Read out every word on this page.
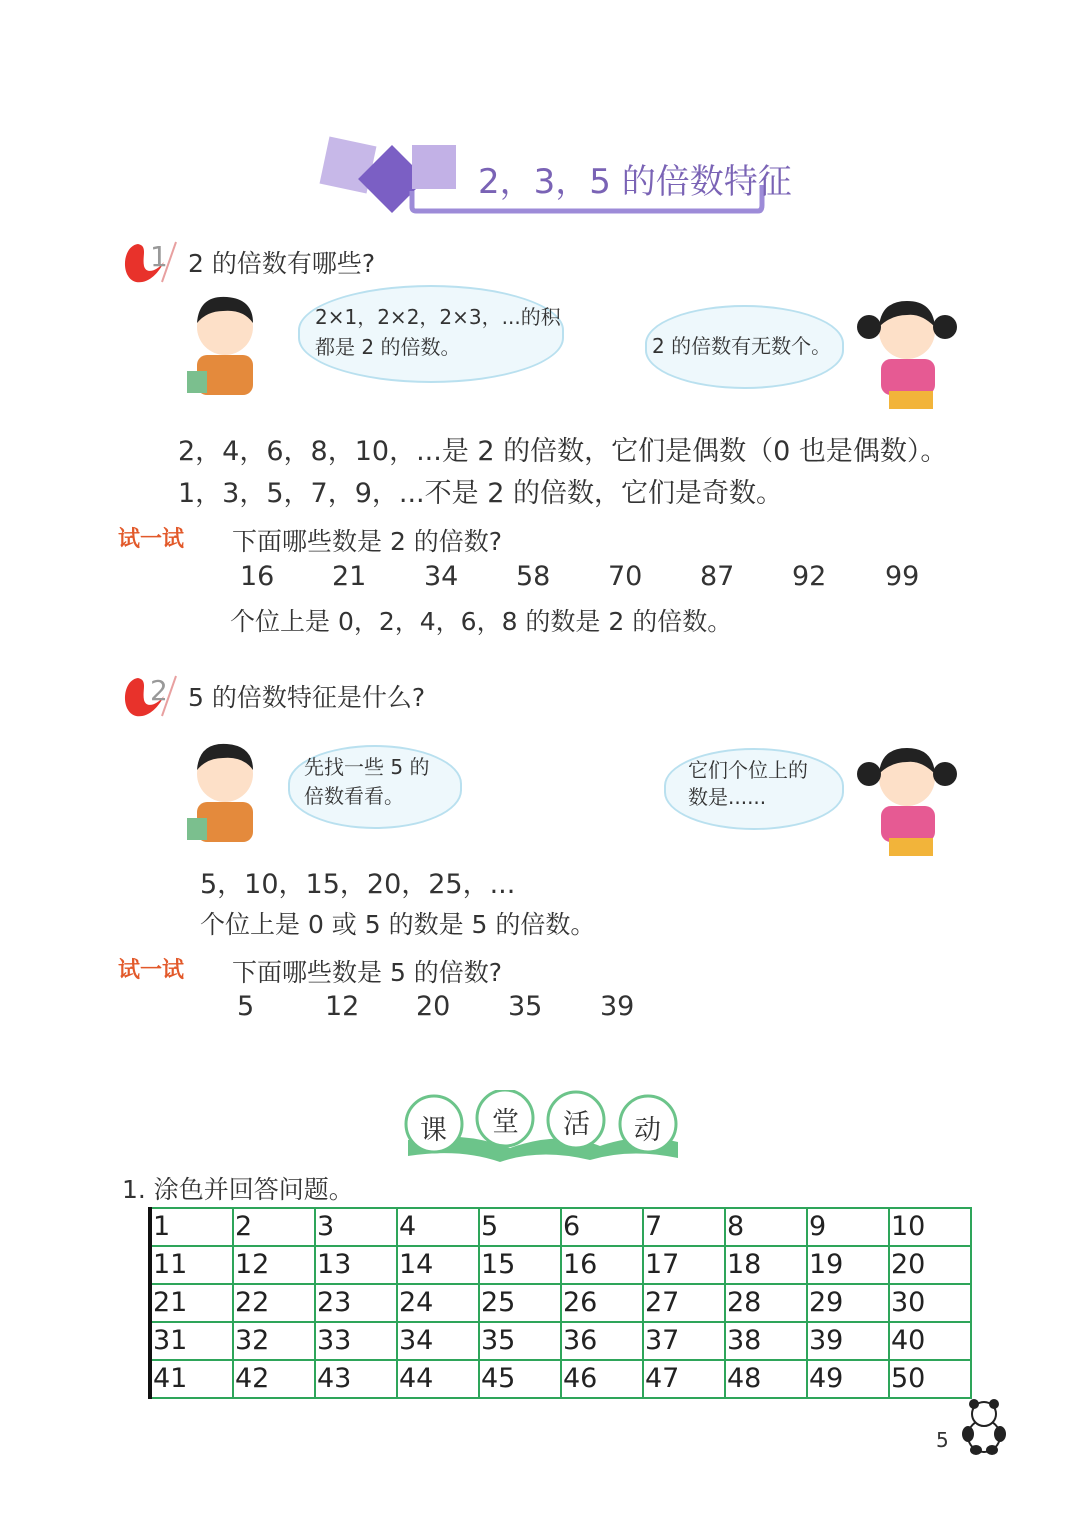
2，3，5 的倍数特征
1 2 的倍数有哪些?
2×1，2×2，2×3，...的积
都是 2 的倍数。	2 的倍数有无数个。
2，4，6，8，10，...是 2 的倍数，它们是偶数（0 也是偶数）。
1，3，5，7，9，...不是 2 的倍数，它们是奇数。
试一试 下面哪些数是 2 的倍数?
16 21 34 58 70 87 92 99
个位上是 0，2，4，6，8 的数是 2 的倍数。
2 5 的倍数特征是什么?
先找一些 5 的
倍数看看。
它们个位上的
数是......
5，10，15，20，25，...
个位上是 0 或 5 的数是 5 的倍数。
试一试 下面哪些数是 5 的倍数?
5	12 20 35 39
课 堂 活 动
1. 涂色并回答问题。
1	2	3	4	5	6	7	8	9	10
11	12	13	14	15	16	17	18	19	20
21	22	23	24	25	26	27	28	29	30
31	32	33	34	35	36	37	38	39	40
41	42	43	44	45	46	47	48	49	50
5
